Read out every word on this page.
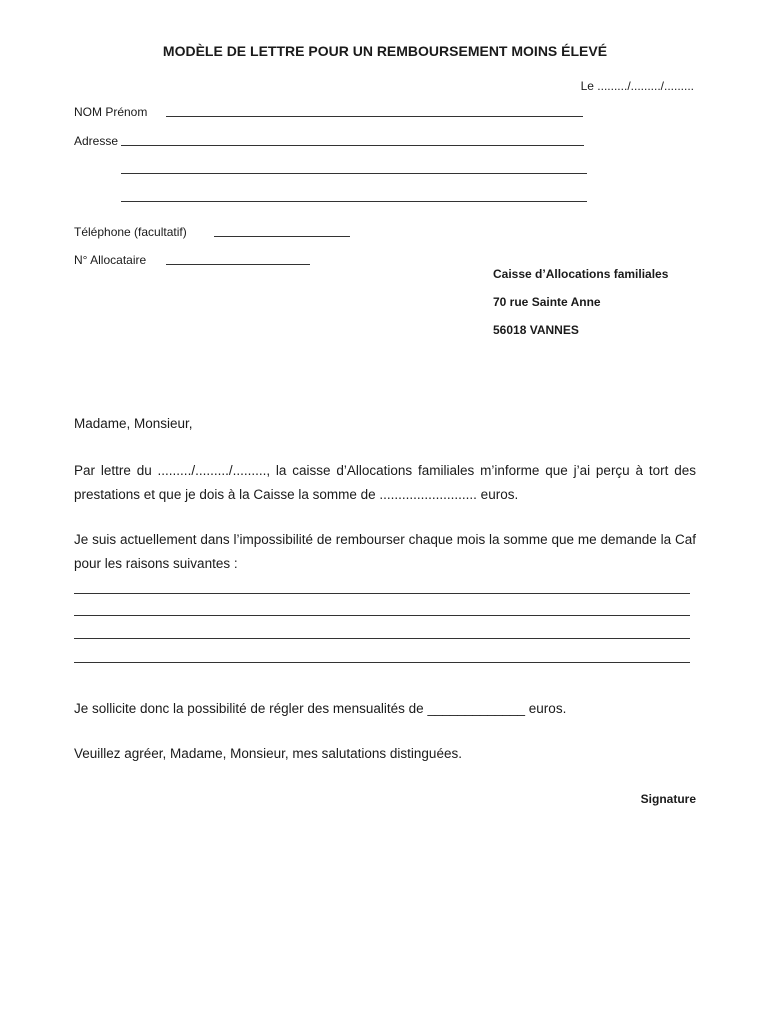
MODÈLE DE LETTRE POUR UN REMBOURSEMENT MOINS ÉLEVÉ
Le ........./........./.........
NOM Prénom
Adresse
Téléphone (facultatif)
N° Allocataire
Caisse d’Allocations familiales
70 rue Sainte Anne
56018 VANNES
Madame, Monsieur,
Par lettre du ........./........./........., la caisse d’Allocations familiales m’informe que j’ai perçu à tort des prestations et que je dois à la Caisse la somme de .......................... euros.
Je suis actuellement dans l’impossibilité de rembourser chaque mois la somme que me demande la Caf pour les raisons suivantes :
Je sollicite donc la possibilité de régler des mensualités de _____________ euros.
Veuillez agréer, Madame, Monsieur, mes salutations distinguées.
Signature
